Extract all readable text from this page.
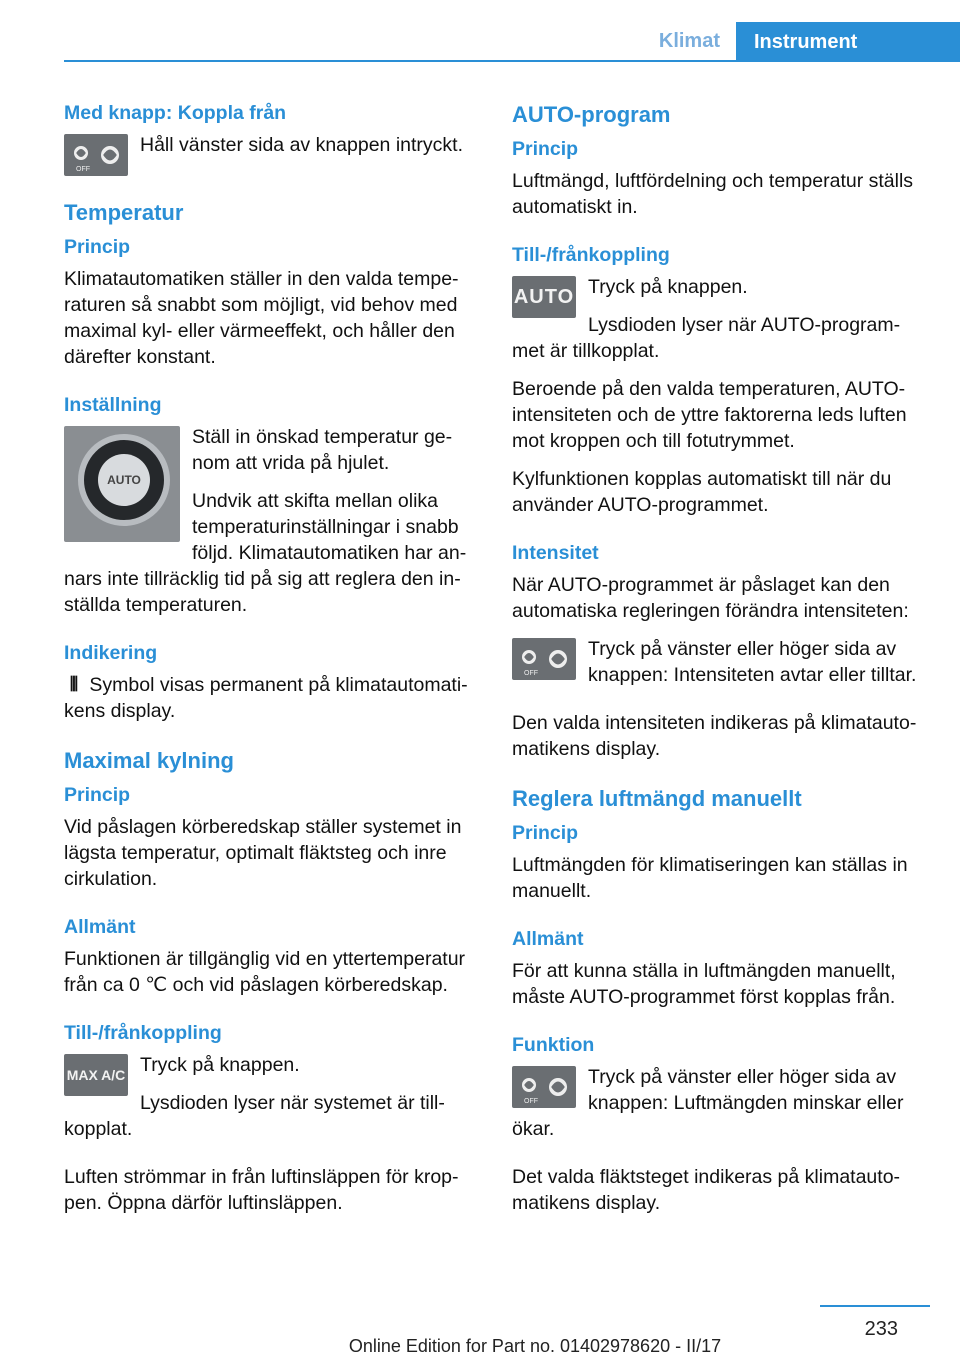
Klimat	Instrument
Med knapp: Koppla från
OFF

Håll vänster sida av knappen intryckt.

Temperatur
Princip

Klimatautomatiken ställer in den valda tempe-raturen så snabbt som möjligt, vid behov med maximal kyl- eller värmeeffekt, och håller den därefter konstant.

Inställning
AUTO

Ställ in önskad temperatur ge-nom att vrida på hjulet.

Undvik att skifta mellan olika temperaturinställningar i snabb följd. Klimatautomatiken har an-nars inte tillräcklig tid på sig att reglera den in-ställda temperaturen.

Indikering

⫴ Symbol visas permanent på klimatautomati-kens display.

Maximal kylning
Princip

Vid påslagen körberedskap ställer systemet in lägsta temperatur, optimalt fläktsteg och inre cirkulation.

Allmänt

Funktionen är tillgänglig vid en yttertemperatur från ca 0 ℃ och vid påslagen körberedskap.

Till-/frånkoppling
MAX A/C Tryck på knappen.

Lysdioden lyser när systemet är till-kopplat.

Luften strömmar in från luftinsläppen för krop-pen. Öppna därför luftinsläppen.

AUTO-program
Princip

Luftmängd, luftfördelning och temperatur ställs automatiskt in.

Till-/frånkoppling
AUTO Tryck på knappen.

Lysdioden lyser när AUTO-program-met är tillkopplat.

Beroende på den valda temperaturen, AUTO-intensiteten och de yttre faktorerna leds luften mot kroppen och till fotutrymmet.

Kylfunktionen kopplas automatiskt till när du använder AUTO-programmet.

Intensitet

När AUTO-programmet är påslaget kan den automatiska regleringen förändra intensiteten:

OFF

Tryck på vänster eller höger sida av knappen: Intensiteten avtar eller tilltar.

Den valda intensiteten indikeras på klimatauto-matikens display.

Reglera luftmängd manuellt
Princip

Luftmängden för klimatiseringen kan ställas in manuellt.

Allmänt

För att kunna ställa in luftmängden manuellt, måste AUTO-programmet först kopplas från.

Funktion
OFF

Tryck på vänster eller höger sida av knappen: Luftmängden minskar eller ökar.

Det valda fläktsteget indikeras på klimatauto-matikens display.

233
Online Edition for Part no. 01402978620 - II/17
